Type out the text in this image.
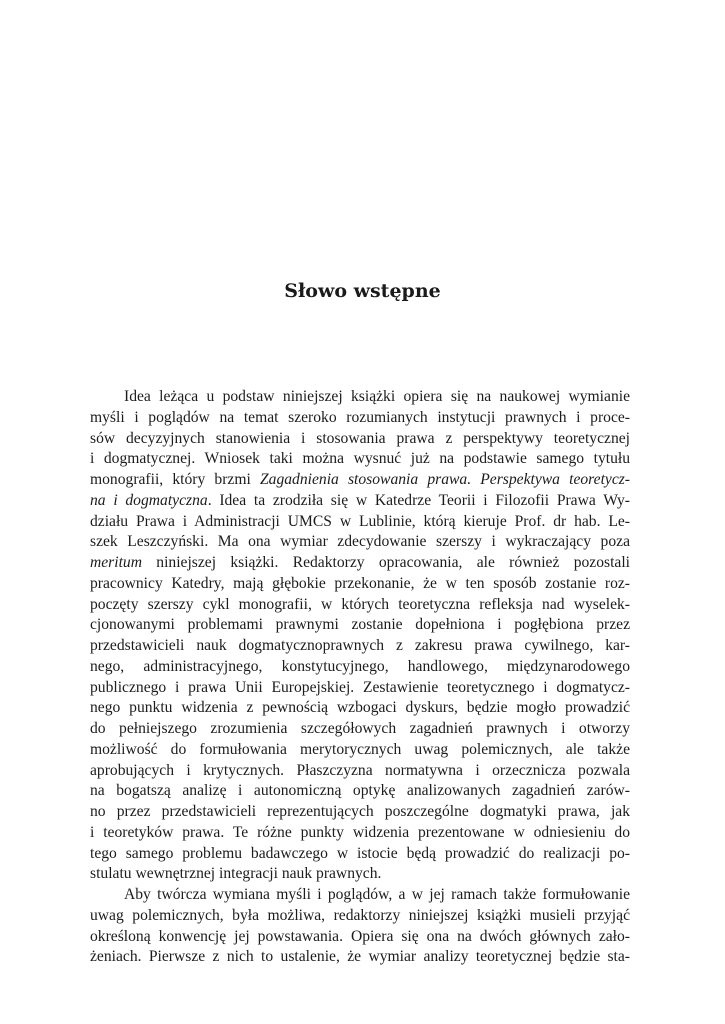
Słowo wstępne
Idea leżąca u podstaw niniejszej książki opiera się na naukowej wymianie
myśli i poglądów na temat szeroko rozumianych instytucji prawnych i proce-
sów decyzyjnych stanowienia i stosowania prawa z perspektywy teoretycznej
i dogmatycznej. Wniosek taki można wysnuć już na podstawie samego tytułu
monografii, który brzmi Zagadnienia stosowania prawa. Perspektywa teoretycz-
na i dogmatyczna. Idea ta zrodziła się w Katedrze Teorii i Filozofii Prawa Wy-
działu Prawa i Administracji UMCS w Lublinie, którą kieruje Prof. dr hab. Le-
szek Leszczyński. Ma ona wymiar zdecydowanie szerszy i wykraczający poza
meritum niniejszej książki. Redaktorzy opracowania, ale również pozostali
pracownicy Katedry, mają głębokie przekonanie, że w ten sposób zostanie roz-
poczęty szerszy cykl monografii, w których teoretyczna refleksja nad wyselek-
cjonowanymi problemami prawnymi zostanie dopełniona i pogłębiona przez
przedstawicieli nauk dogmatycznoprawnych z zakresu prawa cywilnego, kar-
nego, administracyjnego, konstytucyjnego, handlowego, międzynarodowego
publicznego i prawa Unii Europejskiej. Zestawienie teoretycznego i dogmatycz-
nego punktu widzenia z pewnością wzbogaci dyskurs, będzie mogło prowadzić
do pełniejszego zrozumienia szczegółowych zagadnień prawnych i otworzy
możliwość do formułowania merytorycznych uwag polemicznych, ale także
aprobujących i krytycznych. Płaszczyzna normatywna i orzecznicza pozwala
na bogatszą analizę i autonomiczną optykę analizowanych zagadnień zarów-
no przez przedstawicieli reprezentujących poszczególne dogmatyki prawa, jak
i teoretyków prawa. Te różne punkty widzenia prezentowane w odniesieniu do
tego samego problemu badawczego w istocie będą prowadzić do realizacji po-
stulatu wewnętrznej integracji nauk prawnych.
Aby twórcza wymiana myśli i poglądów, a w jej ramach także formułowanie
uwag polemicznych, była możliwa, redaktorzy niniejszej książki musieli przyjąć
określoną konwencję jej powstawania. Opiera się ona na dwóch głównych zało-
żeniach. Pierwsze z nich to ustalenie, że wymiar analizy teoretycznej będzie sta-
